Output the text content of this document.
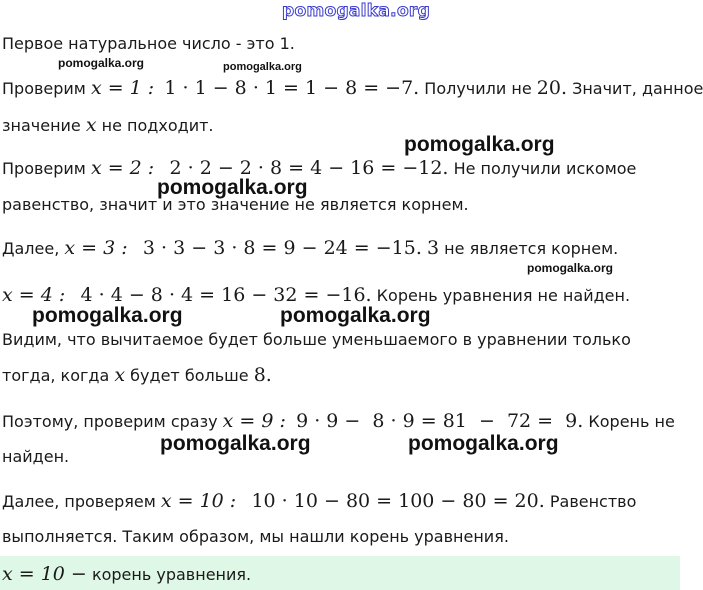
pomogalka.org
Первое натуральное число - это 1.
Проверим x = 1 : 1 · 1 − 8 · 1 = 1 − 8 = −7. Получили не 20. Значит, данное
значение x не подходит.
Проверим x = 2 : 2 · 2 − 2 · 8 = 4 − 16 = −12. Не получили искомое
равенство, значит и это значение не является корнем.
Далее, x = 3 : 3 · 3 − 3 · 8 = 9 − 24 = −15. 3 не является корнем.
x = 4 : 4 · 4 − 8 · 4 = 16 − 32 = −16. Корень уравнения не найден.
Видим, что вычитаемое будет больше уменьшаемого в уравнении только
тогда, когда x будет больше 8.
Поэтому, проверим сразу x = 9 : 9 · 9 −  8 · 9 = 81  −  72 =  9. Корень не
найден.
Далее, проверяем x = 10 : 10 · 10 − 80 = 100 − 80 = 20. Равенство
выполняется. Таким образом, мы нашли корень уравнения.
x = 10 − корень уравнения.
pomogalka.org	pomogalka.org
pomogalka.org
pomogalka.org
pomogalka.org
pomogalka.org	pomogalka.org
pomogalka.org	pomogalka.org
